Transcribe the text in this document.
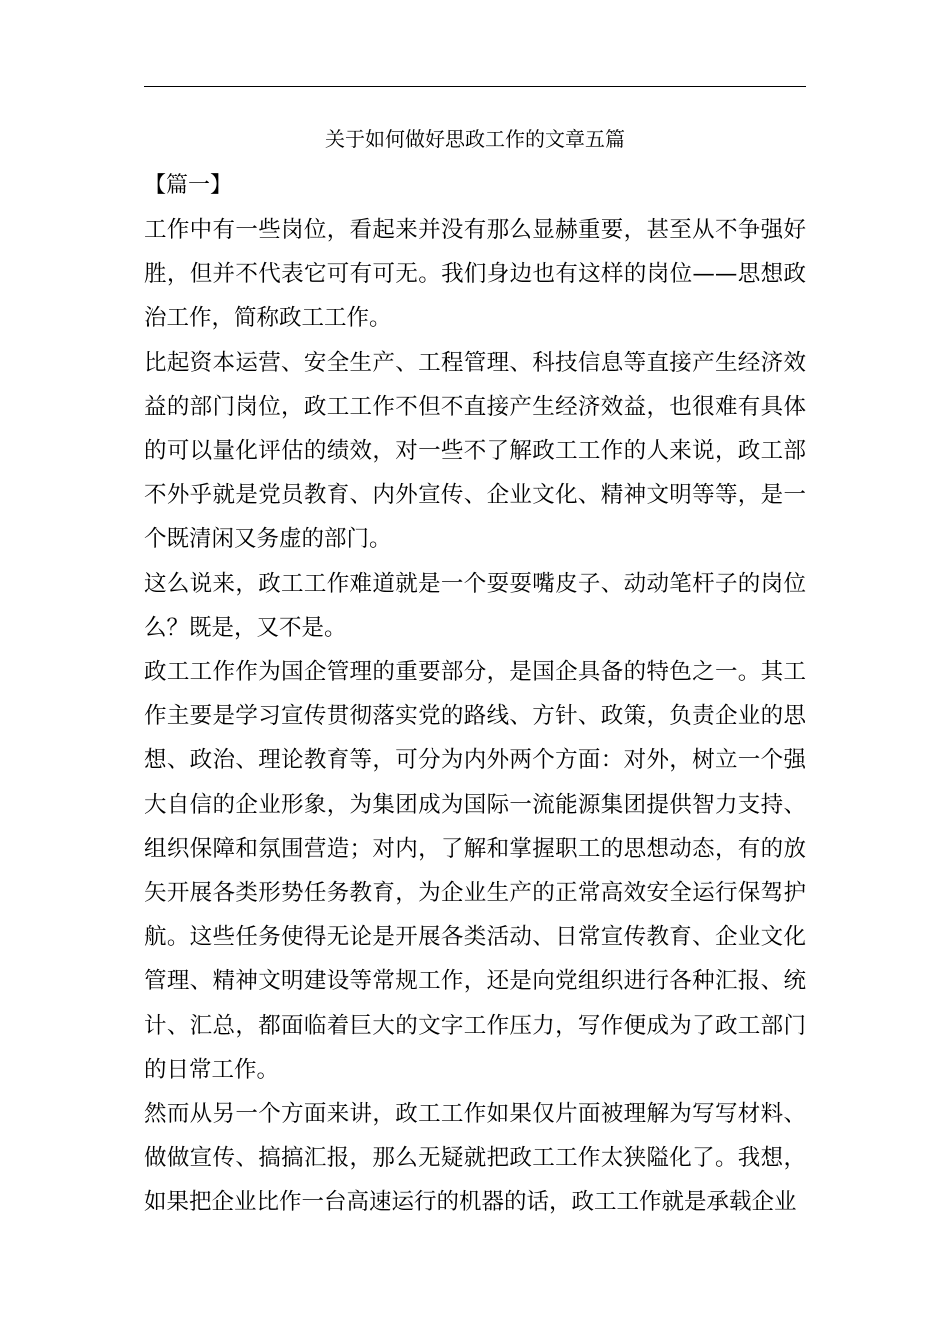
关于如何做好思政工作的文章五篇

【篇一】

工作中有一些岗位，看起来并没有那么显赫重要，甚至从不争强好胜，但并不代表它可有可无。我们身边也有这样的岗位——思想政治工作，简称政工工作。

比起资本运营、安全生产、工程管理、科技信息等直接产生经济效益的部门岗位，政工工作不但不直接产生经济效益，也很难有具体的可以量化评估的绩效，对一些不了解政工工作的人来说，政工部不外乎就是党员教育、内外宣传、企业文化、精神文明等等，是一个既清闲又务虚的部门。

这么说来，政工工作难道就是一个耍耍嘴皮子、动动笔杆子的岗位么？既是，又不是。

政工工作作为国企管理的重要部分，是国企具备的特色之一。其工作主要是学习宣传贯彻落实党的路线、方针、政策，负责企业的思想、政治、理论教育等，可分为内外两个方面：对外，树立一个强大自信的企业形象，为集团成为国际一流能源集团提供智力支持、组织保障和氛围营造；对内，了解和掌握职工的思想动态，有的放矢开展各类形势任务教育，为企业生产的正常高效安全运行保驾护航。这些任务使得无论是开展各类活动、日常宣传教育、企业文化管理、精神文明建设等常规工作，还是向党组织进行各种汇报、统计、汇总，都面临着巨大的文字工作压力，写作便成为了政工部门的日常工作。

然而从另一个方面来讲，政工工作如果仅片面被理解为写写材料、做做宣传、搞搞汇报，那么无疑就把政工工作太狭隘化了。我想，如果把企业比作一台高速运行的机器的话，政工工作就是承载企业
